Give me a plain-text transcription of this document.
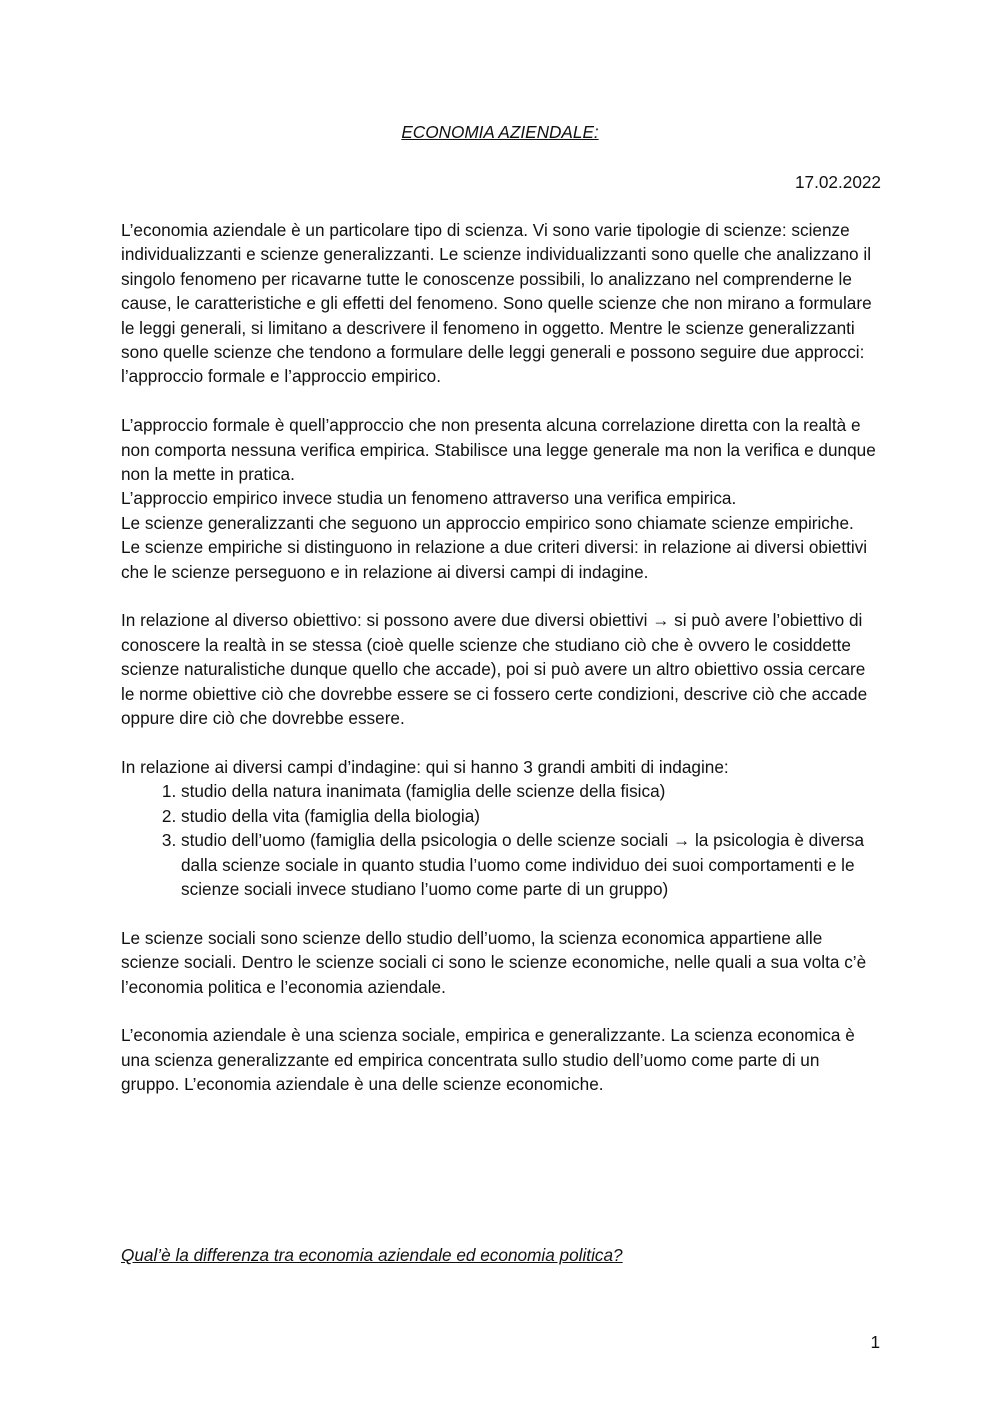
ECONOMIA AZIENDALE:
17.02.2022

L’economia aziendale è un particolare tipo di scienza. Vi sono varie tipologie di scienze: scienze individualizzanti e scienze generalizzanti. Le scienze individualizzanti sono quelle che analizzano il singolo fenomeno per ricavarne tutte le conoscenze possibili, lo analizzano nel comprenderne le cause, le caratteristiche e gli effetti del fenomeno. Sono quelle scienze che non mirano a formulare le leggi generali, si limitano a descrivere il fenomeno in oggetto. Mentre le scienze generalizzanti sono quelle scienze che tendono a formulare delle leggi generali e possono seguire due approcci: l’approccio formale e l’approccio empirico.

L’approccio formale è quell’approccio che non presenta alcuna correlazione diretta con la realtà e non comporta nessuna verifica empirica. Stabilisce una legge generale ma non la verifica e dunque non la mette in pratica.

L’approccio empirico invece studia un fenomeno attraverso una verifica empirica.

Le scienze generalizzanti che seguono un approccio empirico sono chiamate scienze empiriche.

Le scienze empiriche si distinguono in relazione a due criteri diversi: in relazione ai diversi obiettivi che le scienze perseguono e in relazione ai diversi campi di indagine.

In relazione al diverso obiettivo: si possono avere due diversi obiettivi → si può avere l’obiettivo di conoscere la realtà in se stessa (cioè quelle scienze che studiano ciò che è ovvero le cosiddette scienze naturalistiche dunque quello che accade), poi si può avere un altro obiettivo ossia cercare le norme obiettive ciò che dovrebbe essere se ci fossero certe condizioni, descrive ciò che accade oppure dire ciò che dovrebbe essere.

In relazione ai diversi campi d’indagine: qui si hanno 3 grandi ambiti di indagine:

1. studio della natura inanimata (famiglia delle scienze della fisica)
2. studio della vita (famiglia della biologia)
3. studio dell’uomo (famiglia della psicologia o delle scienze sociali → la psicologia è diversa dalla scienze sociale in quanto studia l’uomo come individuo dei suoi comportamenti e le scienze sociali invece studiano l’uomo come parte di un gruppo)

Le scienze sociali sono scienze dello studio dell’uomo, la scienza economica appartiene alle scienze sociali. Dentro le scienze sociali ci sono le scienze economiche, nelle quali a sua volta c’è l’economia politica e l’economia aziendale.

L’economia aziendale è una scienza sociale, empirica e generalizzante. La scienza economica è una scienza generalizzante ed empirica concentrata sullo studio dell’uomo come parte di un gruppo. L’economia aziendale è una delle scienze economiche.

Qual’è la differenza tra economia aziendale ed economia politica?
1
